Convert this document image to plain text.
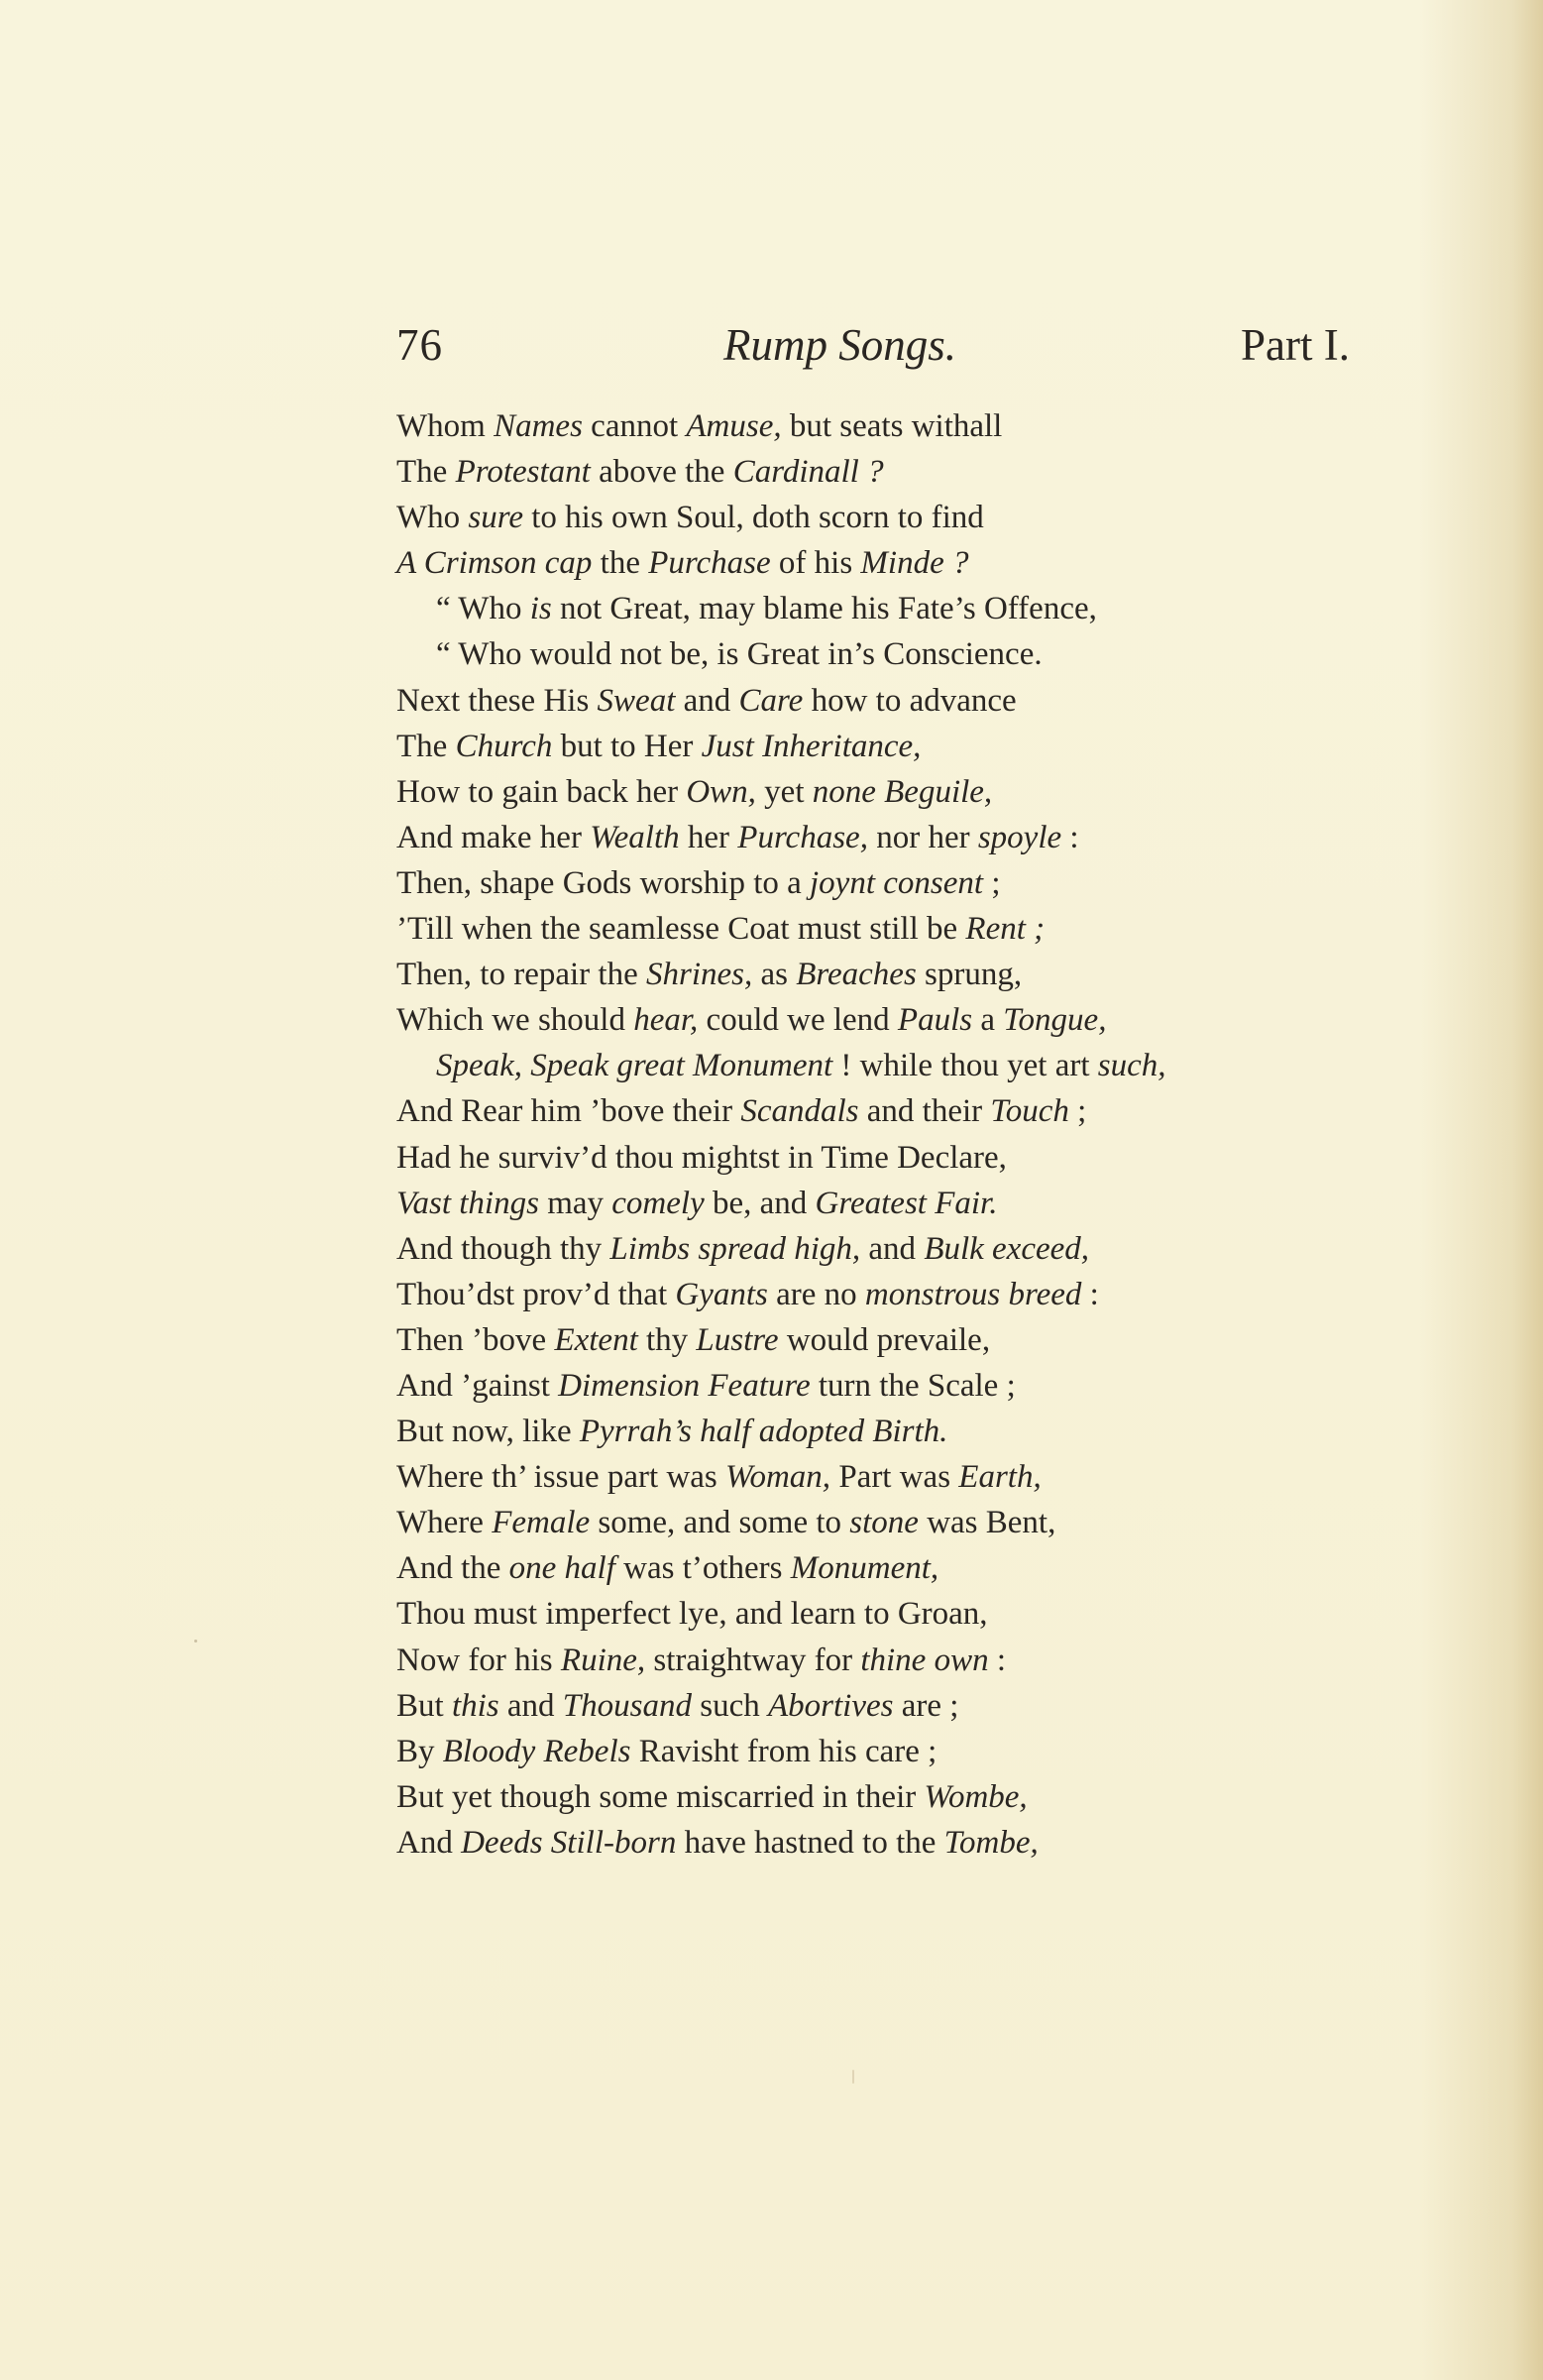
76	Rump Songs.	Part I.
Whom Names cannot Amuse, but seats withall
The Protestant above the Cardinall ?
Who sure to his own Soul, doth scorn to find
A Crimson cap the Purchase of his Minde ?
“ Who is not Great, may blame his Fate’s Offence,
“ Who would not be, is Great in’s Conscience.
Next these His Sweat and Care how to advance
The Church but to Her Just Inheritance,
How to gain back her Own, yet none Beguile,
And make her Wealth her Purchase, nor her spoyle :
Then, shape Gods worship to a joynt consent ;
’Till when the seamlesse Coat must still be Rent ;
Then, to repair the Shrines, as Breaches sprung,
Which we should hear, could we lend Pauls a Tongue,
Speak, Speak great Monument ! while thou yet art such,
And Rear him ’bove their Scandals and their Touch ;
Had he surviv’d thou mightst in Time Declare,
Vast things may comely be, and Greatest Fair.
And though thy Limbs spread high, and Bulk exceed,
Thou’dst prov’d that Gyants are no monstrous breed :
Then ’bove Extent thy Lustre would prevaile,
And ’gainst Dimension Feature turn the Scale ;
But now, like Pyrrah’s half adopted Birth.
Where th’ issue part was Woman, Part was Earth,
Where Female some, and some to stone was Bent,
And the one half was t’others Monument,
Thou must imperfect lye, and learn to Groan,
Now for his Ruine, straightway for thine own :
But this and Thousand such Abortives are ;
By Bloody Rebels Ravisht from his care ;
But yet though some miscarried in their Wombe,
And Deeds Still-born have hastned to the Tombe,
